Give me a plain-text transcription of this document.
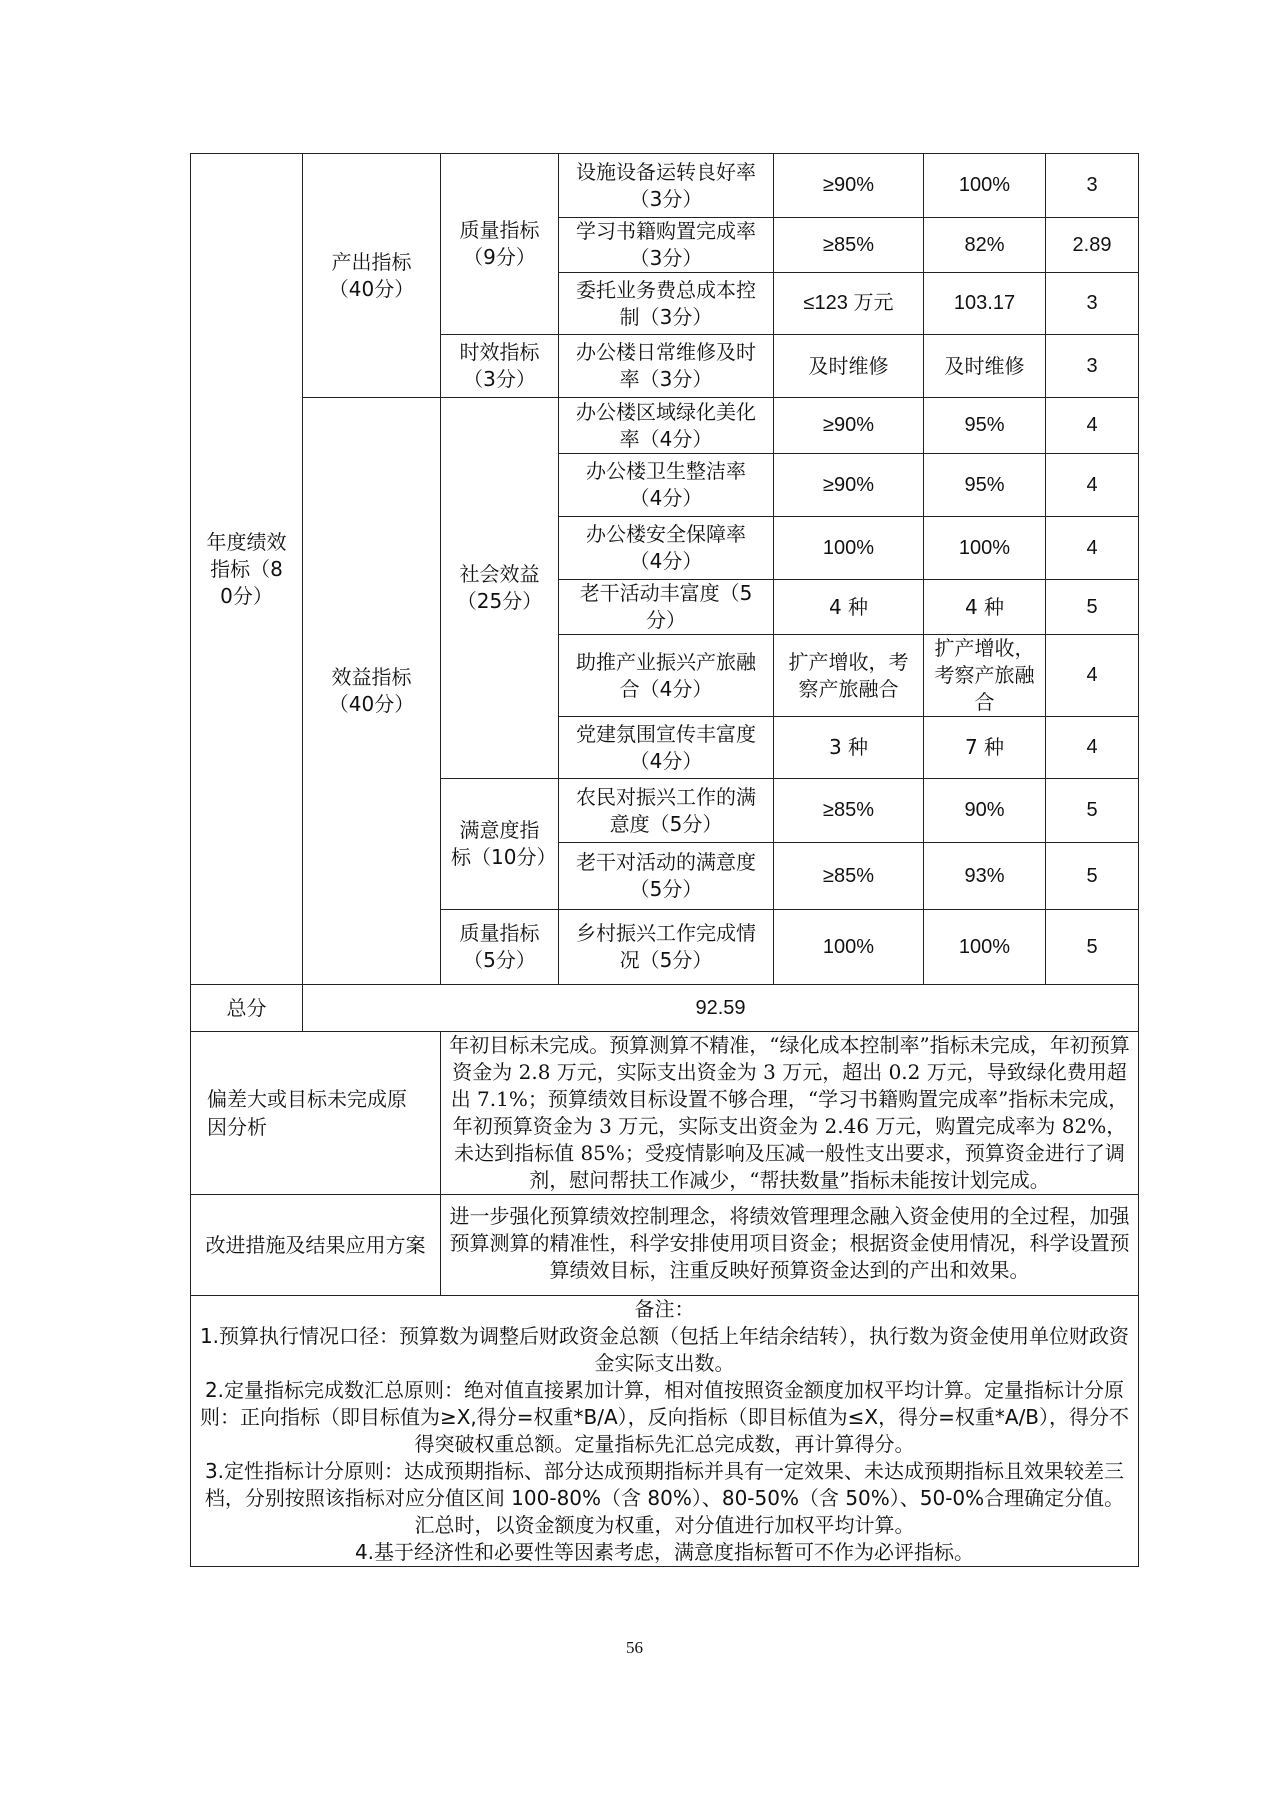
年度绩效指标（80分）	产出指标（40分）	质量指标（9分）	设施设备运转良好率（3分）	≥90%	100%	3
			学习书籍购置完成率（3分）	≥85%	82%	2.89
			委托业务费总成本控制（3分）	≤123 万元	103.17	3
		时效指标（3分）	办公楼日常维修及时率（3分）	及时维修	及时维修	3
	效益指标（40分）	社会效益（25分）	办公楼区域绿化美化率（4分）	≥90%	95%	4
			办公楼卫生整洁率（4分）	≥90%	95%	4
			办公楼安全保障率（4分）	100%	100%	4
			老干活动丰富度（5分）	4 种	4 种	5
			助推产业振兴产旅融合（4分）	扩产增收，考察产旅融合	扩产增收，考察产旅融合	4
			党建氛围宣传丰富度（4分）	3 种	7 种	4
		满意度指标（10分）	农民对振兴工作的满意度（5分）	≥85%	90%	5
			老干对活动的满意度（5分）	≥85%	93%	5
		质量指标（5分）	乡村振兴工作完成情况（5分）	100%	100%	5
总分	92.59					
偏差大或目标未完成原因分析		年初目标未完成。预算测算不精准，“绿化成本控制率”指标未完成，年初预算资金为 2.8 万元，实际支出资金为 3 万元，超出 0.2 万元，导致绿化费用超出 7.1%；预算绩效目标设置不够合理，“学习书籍购置完成率”指标未完成，年初预算资金为 3 万元，实际支出资金为 2.46 万元，购置完成率为 82%，未达到指标值 85%；受疫情影响及压减一般性支出要求，预算资金进行了调剂，慰问帮扶工作减少，“帮扶数量”指标未能按计划完成。				
改进措施及结果应用方案		进一步强化预算绩效控制理念，将绩效管理理念融入资金使用的全过程，加强预算测算的精准性，科学安排使用项目资金；根据资金使用情况，科学设置预算绩效目标，注重反映好预算资金达到的产出和效果。				

备注：
1.预算执行情况口径：预算数为调整后财政资金总额（包括上年结余结转），执行数为资金使用单位财政资金实际支出数。
2.定量指标完成数汇总原则：绝对值直接累加计算，相对值按照资金额度加权平均计算。定量指标计分原则：正向指标（即目标值为≥X,得分=权重*B/A），反向指标（即目标值为≤X，得分=权重*A/B），得分不得突破权重总额。定量指标先汇总完成数，再计算得分。
3.定性指标计分原则：达成预期指标、部分达成预期指标并具有一定效果、未达成预期指标且效果较差三档，分别按照该指标对应分值区间 100-80%（含 80%）、80-50%（含 50%）、50-0%合理确定分值。汇总时，以资金额度为权重，对分值进行加权平均计算。
4.基于经济性和必要性等因素考虑，满意度指标暂可不作为必评指标。						
56
